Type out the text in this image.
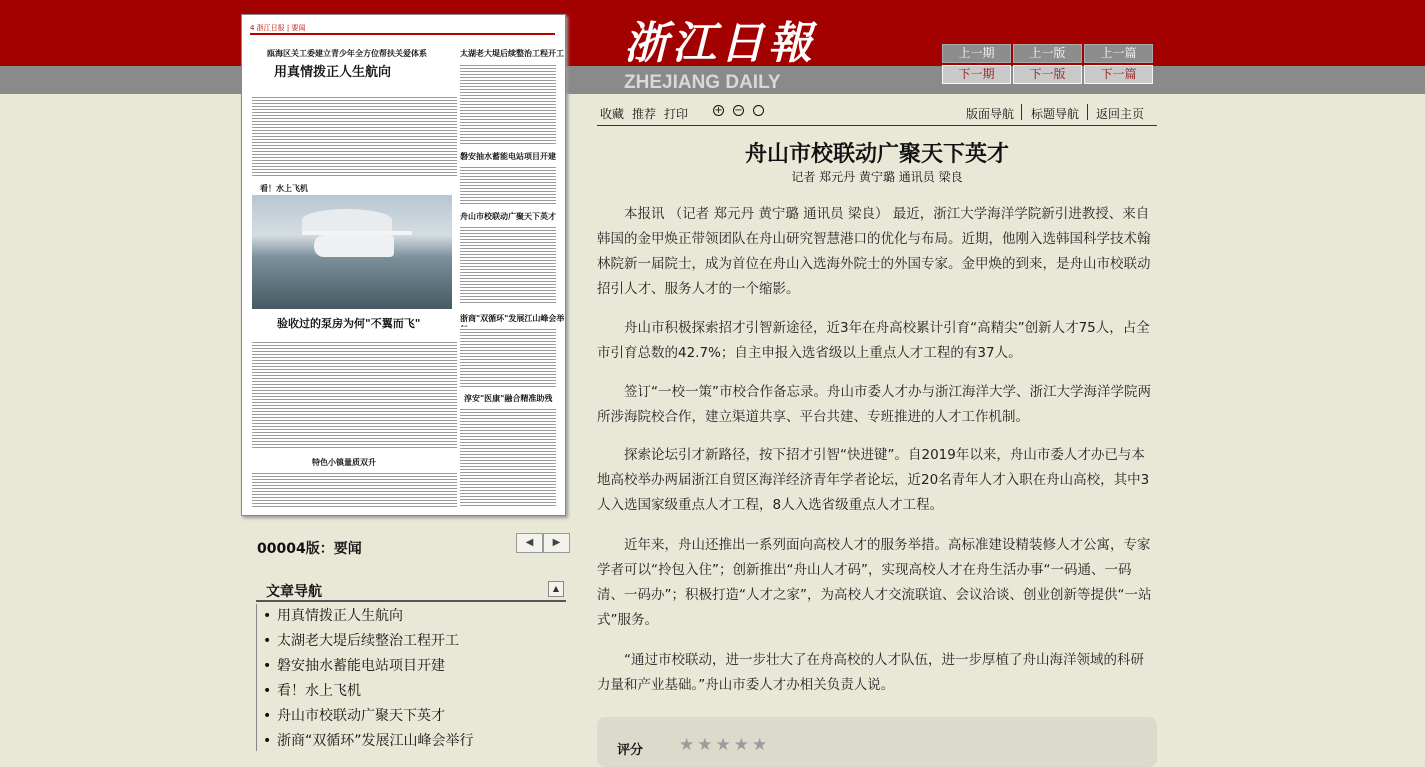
浙江日報
ZHEJIANG DAILY
上一期	上一版	上一篇
下一期	下一版	下一篇
4 浙江日报 | 要闻
瓯海区关工委建立青少年全方位帮扶关爱体系
用真情拨正人生航向
太湖老大堤后续整治工程开工
磐安抽水蓄能电站项目开建
看！水上飞机
舟山市校联动广聚天下英才
验收过的泵房为何"不翼而飞"	浙商"双循环"发展江山峰会举
淳安"医康"融合精准助残
特色小镇量质双升
00004版：要闻	◀	▶
文章导航	▲
• 用真情拨正人生航向
• 太湖老大堤后续整治工程开工
• 磐安抽水蓄能电站项目开建
• 看！水上飞机
• 舟山市校联动广聚天下英才
• 浙商“双循环”发展江山峰会举行
收藏 推荐 打印	+ −	版面导航 标题导航 返回主页
舟山市校联动广聚天下英才
记者 郑元丹 黄宁璐 通讯员 梁良

本报讯 （记者 郑元丹 黄宁璐 通讯员 梁良） 最近，浙江大学海洋学院新引进教授、来自韩国的金甲焕正带领团队在舟山研究智慧港口的优化与布局。近期，他刚入选韩国科学技术翰林院新一届院士，成为首位在舟山入选海外院士的外国专家。金甲焕的到来，是舟山市校联动招引人才、服务人才的一个缩影。

舟山市积极探索招才引智新途径，近3年在舟高校累计引育“高精尖”创新人才75人，占全市引育总数的42.7%；自主申报入选省级以上重点人才工程的有37人。

签订“一校一策”市校合作备忘录。舟山市委人才办与浙江海洋大学、浙江大学海洋学院两所涉海院校合作，建立渠道共享、平台共建、专班推进的人才工作机制。

探索论坛引才新路径，按下招才引智“快进键”。自2019年以来，舟山市委人才办已与本地高校举办两届浙江自贸区海洋经济青年学者论坛，近20名青年人才入职在舟山高校，其中3人入选国家级重点人才工程，8人入选省级重点人才工程。

近年来，舟山还推出一系列面向高校人才的服务举措。高标准建设精装修人才公寓，专家学者可以“拎包入住”；创新推出“舟山人才码”，实现高校人才在舟生活办事“一码通、一码清、一码办”；积极打造“人才之家”，为高校人才交流联谊、会议洽谈、创业创新等提供“一站式”服务。

“通过市校联动，进一步壮大了在舟高校的人才队伍，进一步厚植了舟山海洋领域的科研力量和产业基础。”舟山市委人才办相关负责人说。

评分 ★★★★★
